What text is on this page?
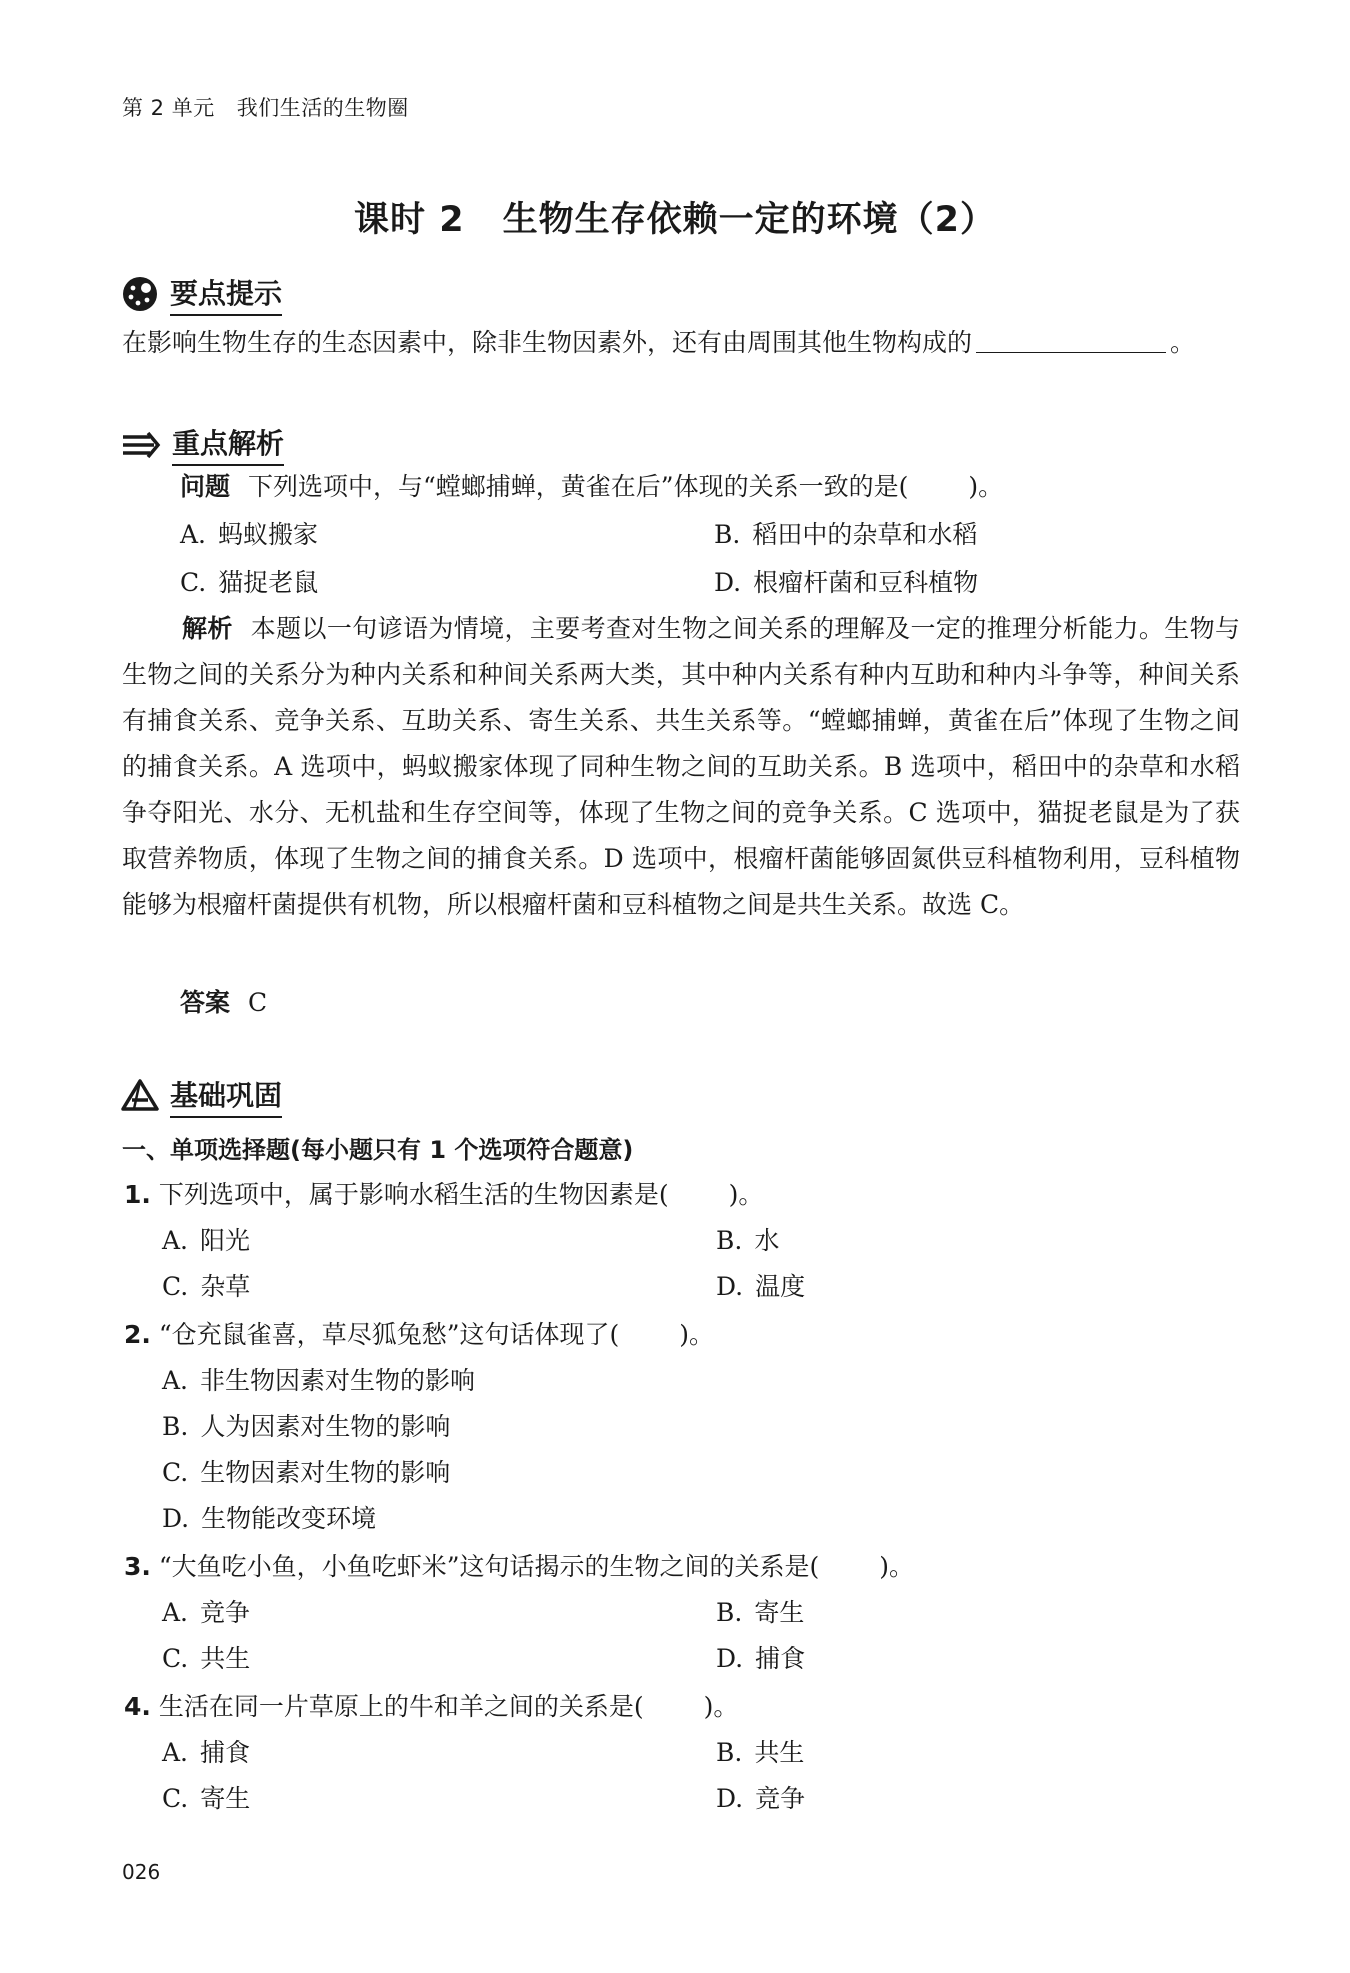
第 2 单元 我们生活的生物圈
课时 2 生物生存依赖一定的环境（2）
要点提示
在影响生物生存的生态因素中，除非生物因素外，还有由周围其他生物构成的	。
重点解析
问题 下列选项中，与“螳螂捕蝉，黄雀在后”体现的关系一致的是( )。
A. 蚂蚁搬家	B. 稻田中的杂草和水稻
C. 猫捉老鼠	D. 根瘤杆菌和豆科植物

解析 本题以一句谚语为情境，主要考查对生物之间关系的理解及一定的推理分析能力。生物与生物之间的关系分为种内关系和种间关系两大类，其中种内关系有种内互助和种内斗争等，种间关系有捕食关系、竞争关系、互助关系、寄生关系、共生关系等。“螳螂捕蝉，黄雀在后”体现了生物之间的捕食关系。A 选项中，蚂蚁搬家体现了同种生物之间的互助关系。B 选项中，稻田中的杂草和水稻争夺阳光、水分、无机盐和生存空间等，体现了生物之间的竞争关系。C 选项中，猫捉老鼠是为了获取营养物质，体现了生物之间的捕食关系。D 选项中，根瘤杆菌能够固氮供豆科植物利用，豆科植物能够为根瘤杆菌提供有机物，所以根瘤杆菌和豆科植物之间是共生关系。故选 C。

答案 C
基础巩固
一、单项选择题(每小题只有 1 个选项符合题意)
1. 下列选项中，属于影响水稻生活的生物因素是( )。
A. 阳光	B. 水
C. 杂草	D. 温度
2. “仓充鼠雀喜，草尽狐兔愁”这句话体现了( )。
A. 非生物因素对生物的影响
B. 人为因素对生物的影响
C. 生物因素对生物的影响
D. 生物能改变环境
3. “大鱼吃小鱼，小鱼吃虾米”这句话揭示的生物之间的关系是( )。
A. 竞争	B. 寄生
C. 共生	D. 捕食
4. 生活在同一片草原上的牛和羊之间的关系是( )。
A. 捕食	B. 共生
C. 寄生	D. 竞争
026
